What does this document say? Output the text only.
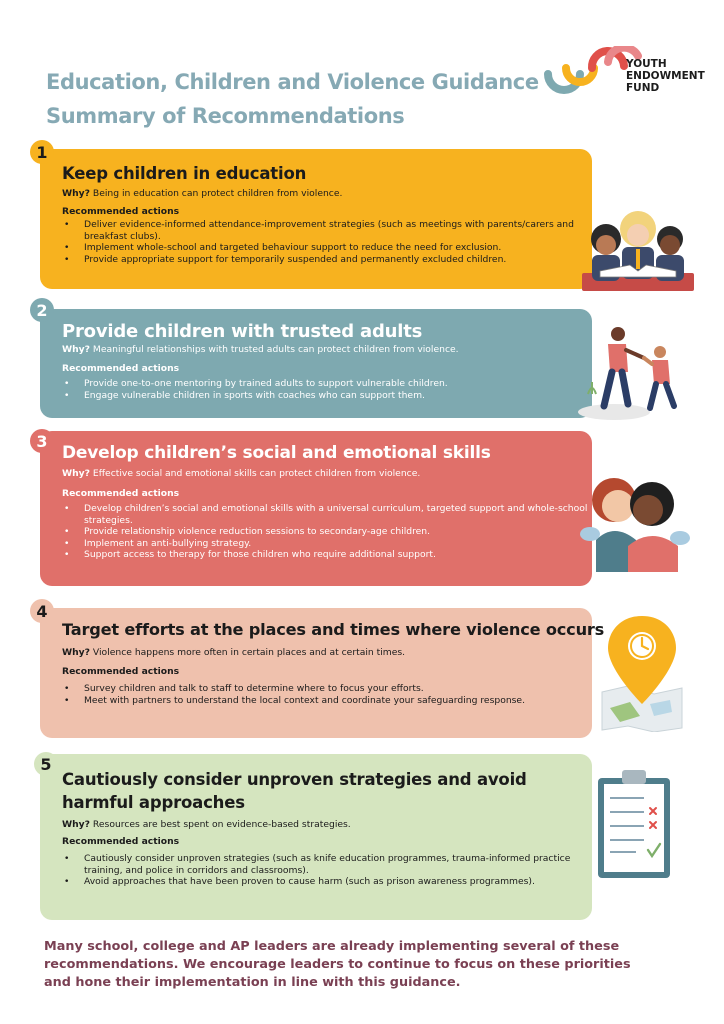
Education, Children and Violence Guidance
Summary of Recommendations
YOUTH
ENDOWMENT
FUND
Keep children in education
Why? Being in education can protect children from violence.
Recommended actions
• Deliver evidence-informed attendance-improvement strategies (such as meetings with parents/carers and breakfast clubs).
• Implement whole-school and targeted behaviour support to reduce the need for exclusion.
• Provide appropriate support for temporarily suspended and permanently excluded children.
1
Provide children with trusted adults
Why? Meaningful relationships with trusted adults can protect children from violence.
Recommended actions
• Provide one-to-one mentoring by trained adults to support vulnerable children.
• Engage vulnerable children in sports with coaches who can support them.
2
Develop children’s social and emotional skills
Why? Effective social and emotional skills can protect children from violence.
Recommended actions
• Develop children’s social and emotional skills with a universal curriculum, targeted support and whole-school strategies.
• Provide relationship violence reduction sessions to secondary-age children.
• Implement an anti-bullying strategy.
• Support access to therapy for those children who require additional support.
3
Target efforts at the places and times where violence occurs
Why? Violence happens more often in certain places and at certain times.
Recommended actions
• Survey children and talk to staff to determine where to focus your efforts.
• Meet with partners to understand the local context and coordinate your safeguarding response.
4
Cautiously consider unproven strategies and avoid harmful approaches
Why? Resources are best spent on evidence-based strategies.
Recommended actions
• Cautiously consider unproven strategies (such as knife education programmes, trauma-informed practice training, and police in corridors and classrooms).
• Avoid approaches that have been proven to cause harm (such as prison awareness programmes).
5
Many school, college and AP leaders are already implementing several of these recommendations. We encourage leaders to continue to focus on these priorities and hone their implementation in line with this guidance.
